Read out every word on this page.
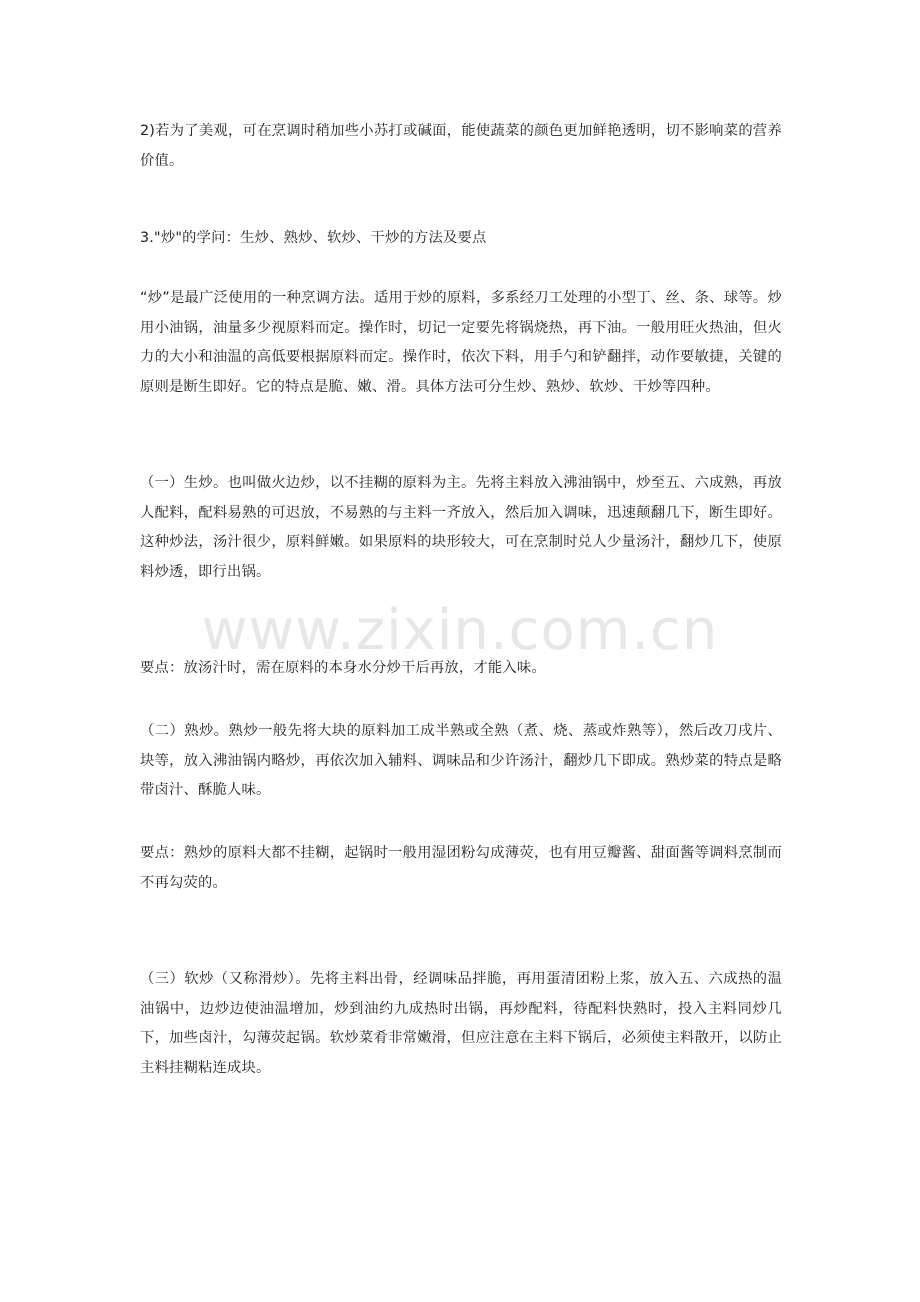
2)若为了美观，可在烹调时稍加些小苏打或碱面，能使蔬菜的颜色更加鲜艳透明，切不影响菜的营养价值。

3."炒"的学问：生炒、熟炒、软炒、干炒的方法及要点

“炒”是最广泛使用的一种烹调方法。适用于炒的原料，多系经刀工处理的小型丁、丝、条、球等。炒用小油锅，油量多少视原料而定。操作时，切记一定要先将锅烧热，再下油。一般用旺火热油，但火力的大小和油温的高低要根据原料而定。操作时，依次下料，用手勺和铲翻拌，动作要敏捷，关键的原则是断生即好。它的特点是脆、嫩、滑。具体方法可分生炒、熟炒、软炒、干炒等四种。

（一）生炒。也叫做火边炒，以不挂糊的原料为主。先将主料放入沸油锅中，炒至五、六成熟，再放人配料，配料易熟的可迟放，不易熟的与主料一齐放入，然后加入调味，迅速颠翻几下，断生即好。这种炒法，汤汁很少，原料鲜嫩。如果原料的块形较大，可在烹制时兑人少量汤汁，翻炒几下，使原料炒透，即行出锅。

要点：放汤汁时，需在原料的本身水分炒干后再放，才能入味。

（二）熟炒。熟炒一般先将大块的原料加工成半熟或全熟（煮、烧、蒸或炸熟等），然后改刀戌片、块等，放入沸油锅内略炒，再依次加入辅料、调味品和少许汤汁，翻炒几下即成。熟炒菜的特点是略带卤汁、酥脆人味。

要点：熟炒的原料大都不挂糊，起锅时一般用湿团粉勾成薄荧，也有用豆瓣酱、甜面酱等调料烹制而不再勾荧的。

（三）软炒（又称滑炒）。先将主料出骨，经调味品拌脆，再用蛋清团粉上浆，放入五、六成热的温油锅中，边炒边使油温增加，炒到油约九成热时出锅，再炒配料，待配料快熟时，投入主料同炒几下，加些卤汁，勾薄荧起锅。软炒菜肴非常嫩滑，但应注意在主料下锅后，必须使主料散开，以防止主料挂糊粘连成块。

www.zixin.com.cn
